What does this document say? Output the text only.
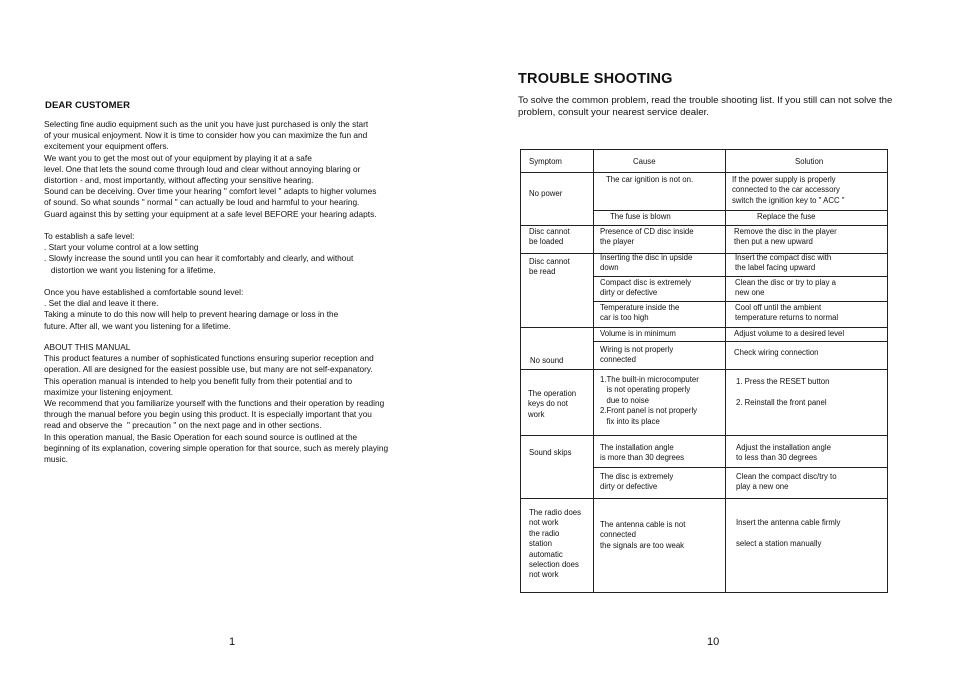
DEAR CUSTOMER
Selecting fine audio equipment such as the unit you have just purchased is only the start
of your musical enjoyment. Now it is time to consider how you can maximize the fun and
excitement your equipment offers.
We want you to get the most out of your equipment by playing it at a safe
level. One that lets the sound come through loud and clear without annoying blaring or
distortion - and, most importantly, without affecting your sensitive hearing.
Sound can be deceiving. Over time your hearing " comfort level " adapts to higher volumes
of sound. So what sounds " normal " can actually be loud and harmful to your hearing.
Guard against this by setting your equipment at a safe level BEFORE your hearing adapts.
To establish a safe level:
. Start your volume control at a low setting
. Slowly increase the sound until you can hear it comfortably and clearly, and without
distortion we want you listening for a lifetime.
Once you have established a comfortable sound level:
. Set the dial and leave it there.
Taking a minute to do this now will help to prevent hearing damage or loss in the
future. After all, we want you listening for a lifetime.
ABOUT THIS MANUAL
This product features a number of sophisticated functions ensuring superior reception and
operation. All are designed for the easiest possible use, but many are not self-expanatory.
This operation manual is intended to help you benefit fully from their potential and to
maximize your listening enjoyment.
We recommend that you familiarize yourself with the functions and their operation by reading
through the manual before you begin using this product. It is especially important that you
read and observe the  " precaution " on the next page and in other sections.
In this operation manual, the Basic Operation for each sound source is outlined at the
beginning of its explanation, covering simple operation for that source, such as merely playing
music.
1
TROUBLE SHOOTING
To solve the common problem, read the trouble shooting list. If you still can not solve the problem, consult your nearest service dealer.
Symptom	Cause	Solution
No power
Disc cannot
be loaded
Disc cannot
be read
No sound
The operation
keys do not
work
Sound skips
The radio does
not work
the radio
station
automatic
selection does
not work
The car ignition is not on.
The fuse is blown
Presence of CD disc inside
the player
Inserting the disc in upside
down
Compact disc is extremely
dirty or defective
Temperature inside the
car is too high
Volume is in minimum
Wiring is not properly
connected
1.The built-in microcomputer
is not operating properly
due to noise
2.Front panel is not properly
fix into its place
The installation angle
is more than 30 degrees
The disc is extremely
dirty or defective
The antenna cable is not
connected
the signals are too weak
If the power supply is properly
connected to the car accessory
switch the ignition key to " ACC "
Replace the fuse
Remove the disc in the player
then put a new upward
Insert the compact disc with
the label facing upward
Clean the disc or try to play a
new one
Cool off until the ambient
temperature returns to normal
Adjust volume to a desired level
Check wiring connection
1. Press the RESET button

2. Reinstall the front panel
Adjust the installation angle
to less than 30 degrees
Clean the compact disc/try to
play a new one
Insert the antenna cable firmly

select a station manually
10
